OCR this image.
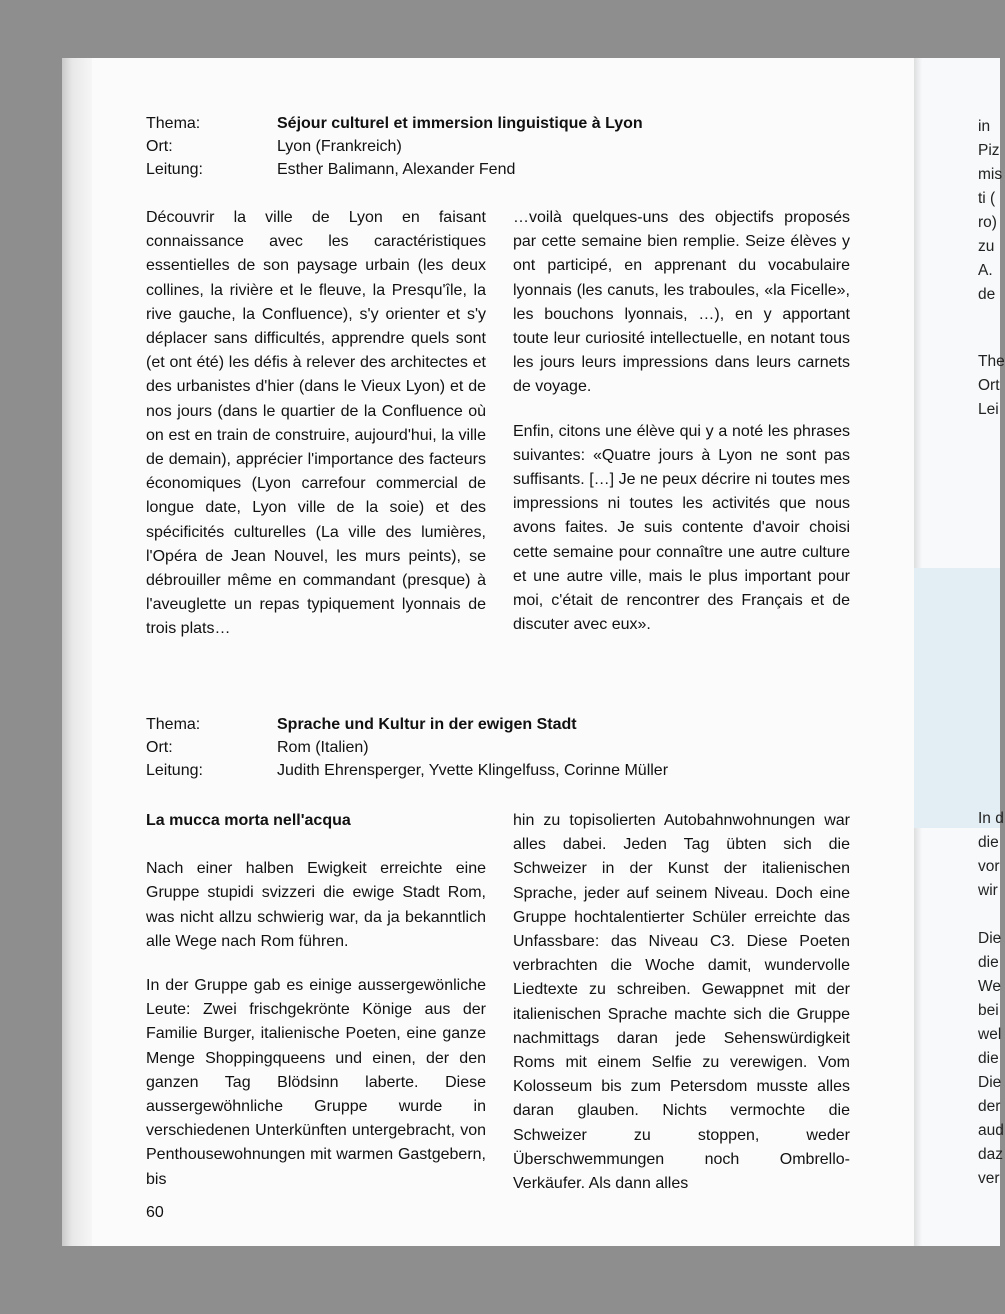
in
Piz
mis
ti (
ro)
zu
A.
de
The
Ort
Lei
In d
die
vor
wir
Die
die
We
bei
wel
die
Die
der
aud
daz
ver
Thema:	Séjour culturel et immersion linguistique à Lyon
Ort:	Lyon (Frankreich)
Leitung:	Esther Balimann, Alexander Fend

Découvrir la ville de Lyon en faisant connaissance avec les caractéristiques essentielles de son paysage urbain (les deux collines, la rivière et le fleuve, la Presqu'île, la rive gauche, la Confluence), s'y orienter et s'y déplacer sans difficultés, apprendre quels sont (et ont été) les défis à relever des architectes et des urbanistes d'hier (dans le Vieux Lyon) et de nos jours (dans le quartier de la Confluence où on est en train de construire, aujourd'hui, la ville de demain), apprécier l'importance des facteurs économiques (Lyon carrefour commercial de longue date, Lyon ville de la soie) et des spécificités culturelles (La ville des lumières, l'Opéra de Jean Nouvel, les murs peints), se débrouiller même en commandant (presque) à l'aveuglette un repas typiquement lyonnais de trois plats…

…voilà quelques-uns des objectifs proposés par cette semaine bien remplie. Seize élèves y ont participé, en apprenant du vocabulaire lyonnais (les canuts, les traboules, «la Ficelle», les bouchons lyonnais, …), en y apportant toute leur curiosité intellectuelle, en notant tous les jours leurs impressions dans leurs carnets de voyage.

Enfin, citons une élève qui y a noté les phrases suivantes: «Quatre jours à Lyon ne sont pas suffisants. […] Je ne peux décrire ni toutes mes impressions ni toutes les activités que nous avons faites. Je suis contente d'avoir choisi cette semaine pour connaître une autre culture et une autre ville, mais le plus important pour moi, c'était de rencontrer des Français et de discuter avec eux».

Thema:	Sprache und Kultur in der ewigen Stadt
Ort:	Rom (Italien)
Leitung:	Judith Ehrensperger, Yvette Klingelfuss, Corinne Müller
La mucca morta nell'acqua

Nach einer halben Ewigkeit erreichte eine Gruppe stupidi svizzeri die ewige Stadt Rom, was nicht allzu schwierig war, da ja bekanntlich alle Wege nach Rom führen.

In der Gruppe gab es einige aussergewönliche Leute: Zwei frischgekrönte Könige aus der Familie Burger, italienische Poeten, eine ganze Menge Shoppingqueens und einen, der den ganzen Tag Blödsinn laberte. Diese aussergewöhnliche Gruppe wurde in verschiedenen Unterkünften untergebracht, von Penthousewohnungen mit warmen Gastgebern, bis

hin zu topisolierten Autobahnwohnungen war alles dabei. Jeden Tag übten sich die Schweizer in der Kunst der italienischen Sprache, jeder auf seinem Niveau. Doch eine Gruppe hochtalentierter Schüler erreichte das Unfassbare: das Niveau C3. Diese Poeten verbrachten die Woche damit, wundervolle Liedtexte zu schreiben. Gewappnet mit der italienischen Sprache machte sich die Gruppe nachmittags daran jede Sehenswürdigkeit Roms mit einem Selfie zu verewigen. Vom Kolosseum bis zum Petersdom musste alles daran glauben. Nichts vermochte die Schweizer zu stoppen, weder Überschwemmungen noch Ombrello-Verkäufer. Als dann alles

60
